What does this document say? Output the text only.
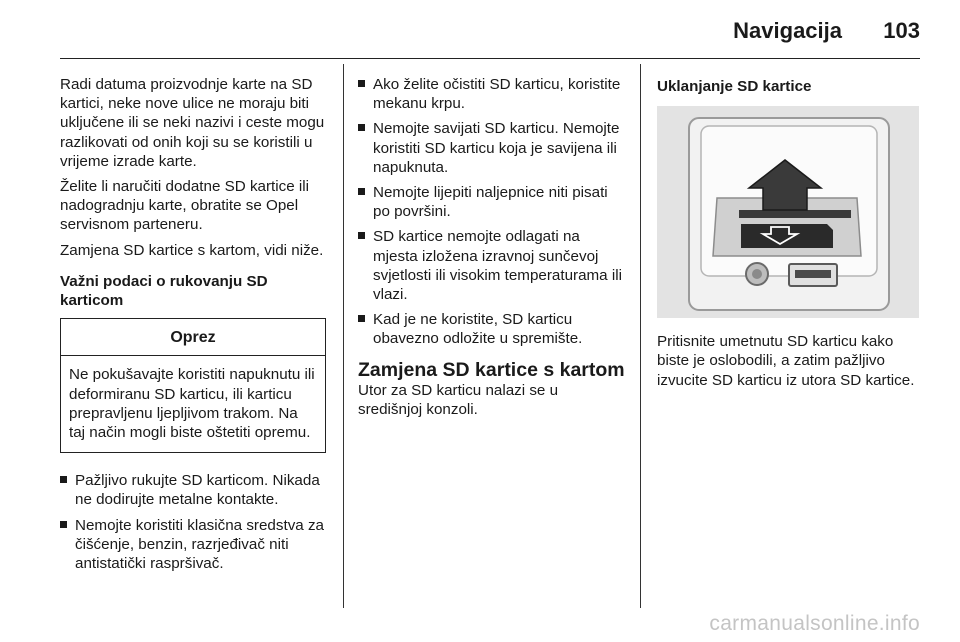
Navigacija 103

Radi datuma proizvodnje karte na SD kartici, neke nove ulice ne moraju biti uključene ili se neki nazivi i ceste mogu razlikovati od onih koji su se koristili u vrijeme izrade karte.

Želite li naručiti dodatne SD kartice ili nadogradnju karte, obratite se Opel servisnom parteneru.

Zamjena SD kartice s kartom, vidi niže.

Važni podaci o rukovanju SD karticom
Oprez
Ne pokušavajte koristiti napuknutu ili deformiranu SD karticu, ili karticu prepravljenu ljepljivom trakom. Na taj način mogli biste oštetiti opremu.
Pažljivo rukujte SD karticom. Nikada ne dodirujte metalne kontakte.
Nemojte koristiti klasična sredstva za čišćenje, benzin, razrjeđivač niti antistatički raspršivač.
Ako želite očistiti SD karticu, koristite mekanu krpu.
Nemojte savijati SD karticu. Nemojte koristiti SD karticu koja je savijena ili napuknuta.
Nemojte lijepiti naljepnice niti pisati po površini.
SD kartice nemojte odlagati na mjesta izložena izravnoj sunčevoj svjetlosti ili visokim temperaturama ili vlazi.
Kad je ne koristite, SD karticu obavezno odložite u spremište.
Zamjena SD kartice s kartom

Utor za SD karticu nalazi se u središnjoj konzoli.

Uklanjanje SD kartice

Pritisnite umetnutu SD karticu kako biste je oslobodili, a zatim pažljivo izvucite SD karticu iz utora SD kartice.

carmanualsonline.info
